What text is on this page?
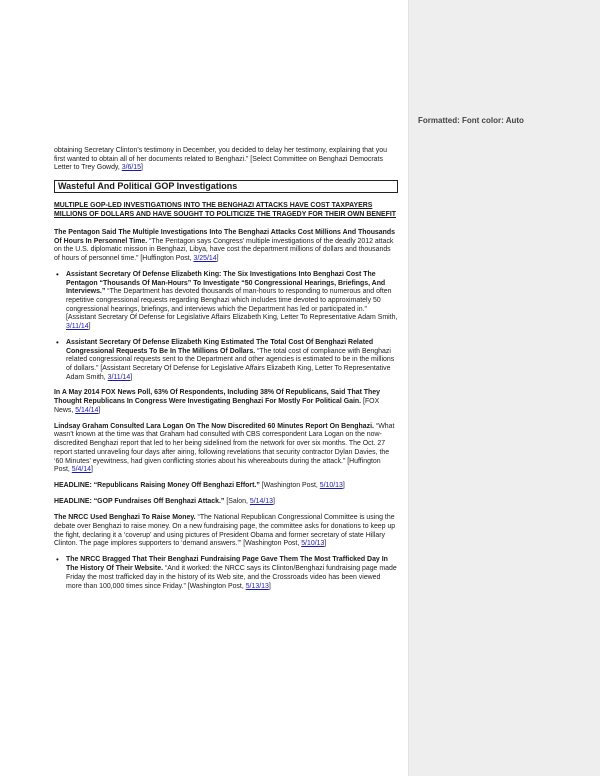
Formatted: Font color: Auto

obtaining Secretary Clinton’s testimony in December, you decided to delay her testimony, explaining that you first wanted to obtain all of her documents related to Benghazi.” [Select Committee on Benghazi Democrats Letter to Trey Gowdy, 3/6/15]

Wasteful And Political GOP Investigations

MULTIPLE GOP-LED INVESTIGATIONS INTO THE BENGHAZI ATTACKS HAVE COST TAXPAYERS MILLIONS OF DOLLARS AND HAVE SOUGHT TO POLITICIZE THE TRAGEDY FOR THEIR OWN BENEFIT

The Pentagon Said The Multiple Investigations Into The Benghazi Attacks Cost Millions And Thousands Of Hours In Personnel Time. “The Pentagon says Congress' multiple investigations of the deadly 2012 attack on the U.S. diplomatic mission in Benghazi, Libya, have cost the department millions of dollars and thousands of hours of personnel time.” [Huffington Post, 3/25/14]

• Assistant Secretary Of Defense Elizabeth King: The Six Investigations Into Benghazi Cost The Pentagon “Thousands Of Man-Hours” To Investigate “50 Congressional Hearings, Briefings, And Interviews.” “The Department has devoted thousands of man-hours to responding to numerous and often repetitive congressional requests regarding Benghazi which includes time devoted to approximately 50 congressional hearings, briefings, and interviews which the Department has led or participated in.” [Assistant Secretary Of Defense for Legislative Affairs Elizabeth King, Letter To Representative Adam Smith, 3/11/14]
• Assistant Secretary Of Defense Elizabeth King Estimated The Total Cost Of Benghazi Related Congressional Requests To Be In The Millions Of Dollars. “The total cost of compliance with Benghazi related congressional requests sent to the Department and other agencies is estimated to be in the millions of dollars.” [Assistant Secretary Of Defense for Legislative Affairs Elizabeth King, Letter To Representative Adam Smith, 3/11/14]

In A May 2014 FOX News Poll, 63% Of Respondents, Including 38% Of Republicans, Said That They Thought Republicans In Congress Were Investigating Benghazi For Mostly For Political Gain. [FOX News, 5/14/14]

Lindsay Graham Consulted Lara Logan On The Now Discredited 60 Minutes Report On Benghazi. “What wasn’t known at the time was that Graham had consulted with CBS correspondent Lara Logan on the now-discredited Benghazi report that led to her being sidelined from the network for over six months. The Oct. 27 report started unraveling four days after airing, following revelations that security contractor Dylan Davies, the ‘60 Minutes’ eyewitness, had given conflicting stories about his whereabouts during the attack.” [Huffington Post, 5/4/14]

HEADLINE: “Republicans Raising Money Off Benghazi Effort.” [Washington Post, 5/10/13]

HEADLINE: “GOP Fundraises Off Benghazi Attack.” [Salon, 5/14/13]

The NRCC Used Benghazi To Raise Money. “The National Republican Congressional Committee is using the debate over Benghazi to raise money. On a new fundraising page, the committee asks for donations to keep up the fight, declaring it a ‘coverup’ and using pictures of President Obama and former secretary of state Hillary Clinton. The page implores supporters to ‘demand answers.’” [Washington Post, 5/10/13]

• The NRCC Bragged That Their Benghazi Fundraising Page Gave Them The Most Trafficked Day In The History Of Their Website. “And it worked: the NRCC says its Clinton/Benghazi fundraising page made Friday the most trafficked day in the history of its Web site, and the Crossroads video has been viewed more than 100,000 times since Friday.” [Washington Post, 5/13/13]
